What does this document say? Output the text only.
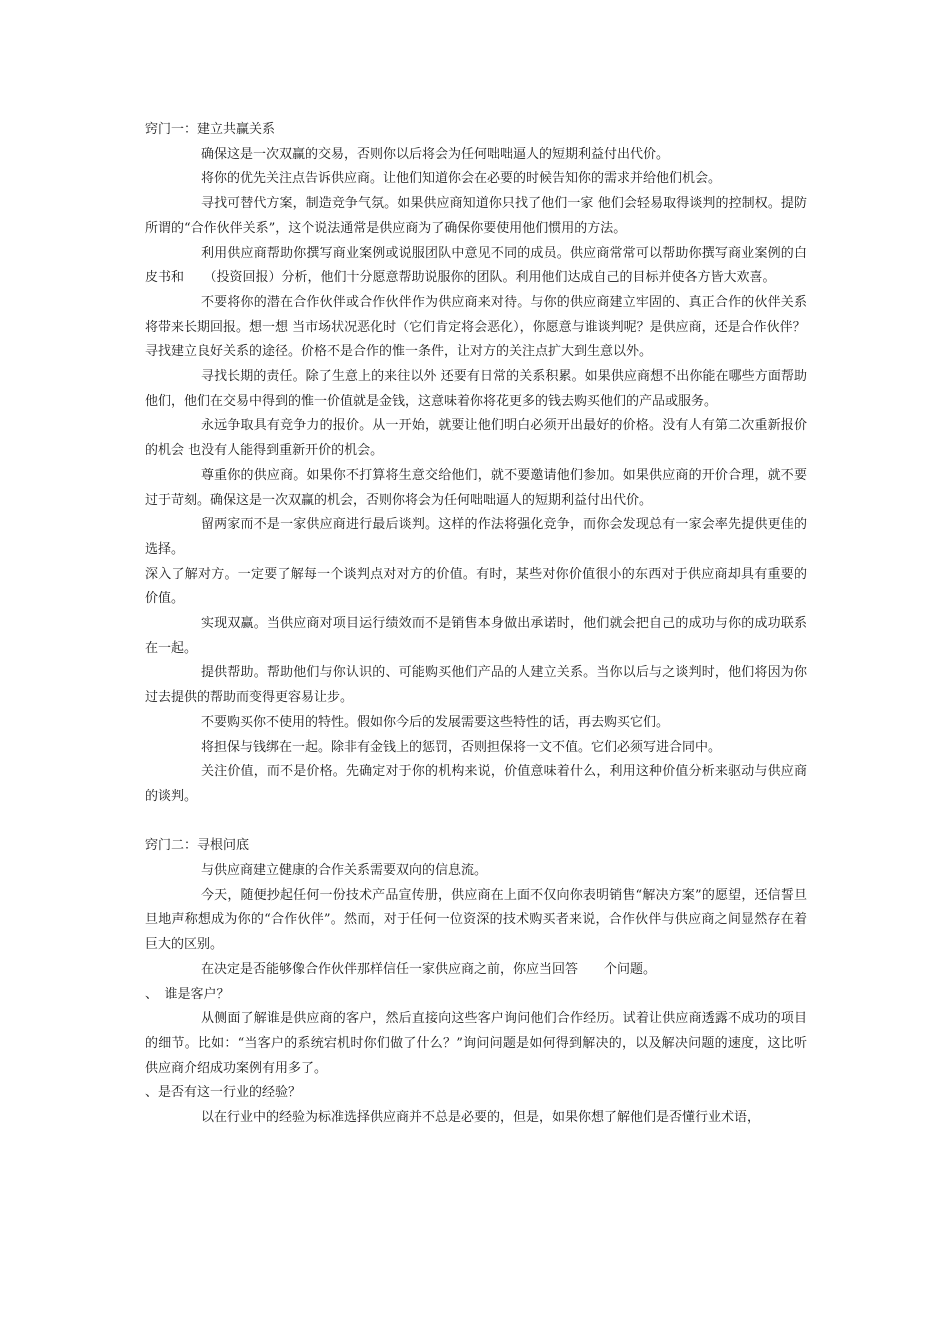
窍门一：建立共赢关系

确保这是一次双赢的交易，否则你以后将会为任何咄咄逼人的短期利益付出代价。

将你的优先关注点告诉供应商。让他们知道你会在必要的时候告知你的需求并给他们机会。

寻找可替代方案，制造竞争气氛。如果供应商知道你只找了他们一家 他们会轻易取得谈判的控制权。提防所谓的“合作伙伴关系”，这个说法通常是供应商为了确保你要使用他们惯用的方法。

利用供应商帮助你撰写商业案例或说服团队中意见不同的成员。供应商常常可以帮助你撰写商业案例的白皮书和　　（投资回报）分析，他们十分愿意帮助说服你的团队。利用他们达成自己的目标并使各方皆大欢喜。

不要将你的潜在合作伙伴或合作伙伴作为供应商来对待。与你的供应商建立牢固的、真正合作的伙伴关系将带来长期回报。想一想 当市场状况恶化时（它们肯定将会恶化），你愿意与谁谈判呢？是供应商，还是合作伙伴？

寻找建立良好关系的途径。价格不是合作的惟一条件，让对方的关注点扩大到生意以外。

寻找长期的责任。除了生意上的来往以外 还要有日常的关系积累。如果供应商想不出你能在哪些方面帮助他们，他们在交易中得到的惟一价值就是金钱，这意味着你将花更多的钱去购买他们的产品或服务。

永远争取具有竞争力的报价。从一开始，就要让他们明白必须开出最好的价格。没有人有第二次重新报价的机会 也没有人能得到重新开价的机会。

尊重你的供应商。如果你不打算将生意交给他们，就不要邀请他们参加。如果供应商的开价合理，就不要过于苛刻。确保这是一次双赢的机会，否则你将会为任何咄咄逼人的短期利益付出代价。

留两家而不是一家供应商进行最后谈判。这样的作法将强化竞争，而你会发现总有一家会率先提供更佳的选择。

深入了解对方。一定要了解每一个谈判点对对方的价值。有时，某些对你价值很小的东西对于供应商却具有重要的价值。

实现双赢。当供应商对项目运行绩效而不是销售本身做出承诺时，他们就会把自己的成功与你的成功联系在一起。

提供帮助。帮助他们与你认识的、可能购买他们产品的人建立关系。当你以后与之谈判时，他们将因为你过去提供的帮助而变得更容易让步。

不要购买你不使用的特性。假如你今后的发展需要这些特性的话，再去购买它们。

将担保与钱绑在一起。除非有金钱上的惩罚，否则担保将一文不值。它们必须写进合同中。

关注价值，而不是价格。先确定对于你的机构来说，价值意味着什么，利用这种价值分析来驱动与供应商的谈判。

窍门二：寻根问底

与供应商建立健康的合作关系需要双向的信息流。

今天，随便抄起任何一份技术产品宣传册，供应商在上面不仅向你表明销售“解决方案”的愿望，还信誓旦旦地声称想成为你的“合作伙伴”。然而，对于任何一位资深的技术购买者来说，合作伙伴与供应商之间显然存在着巨大的区别。

在决定是否能够像合作伙伴那样信任一家供应商之前，你应当回答　　个问题。

、　谁是客户？

从侧面了解谁是供应商的客户，然后直接向这些客户询问他们合作经历。试着让供应商透露不成功的项目的细节。比如：“当客户的系统宕机时你们做了什么？”询问问题是如何得到解决的，以及解决问题的速度，这比听供应商介绍成功案例有用多了。

、是否有这一行业的经验？

以在行业中的经验为标准选择供应商并不总是必要的，但是，如果你想了解他们是否懂行业术语，
